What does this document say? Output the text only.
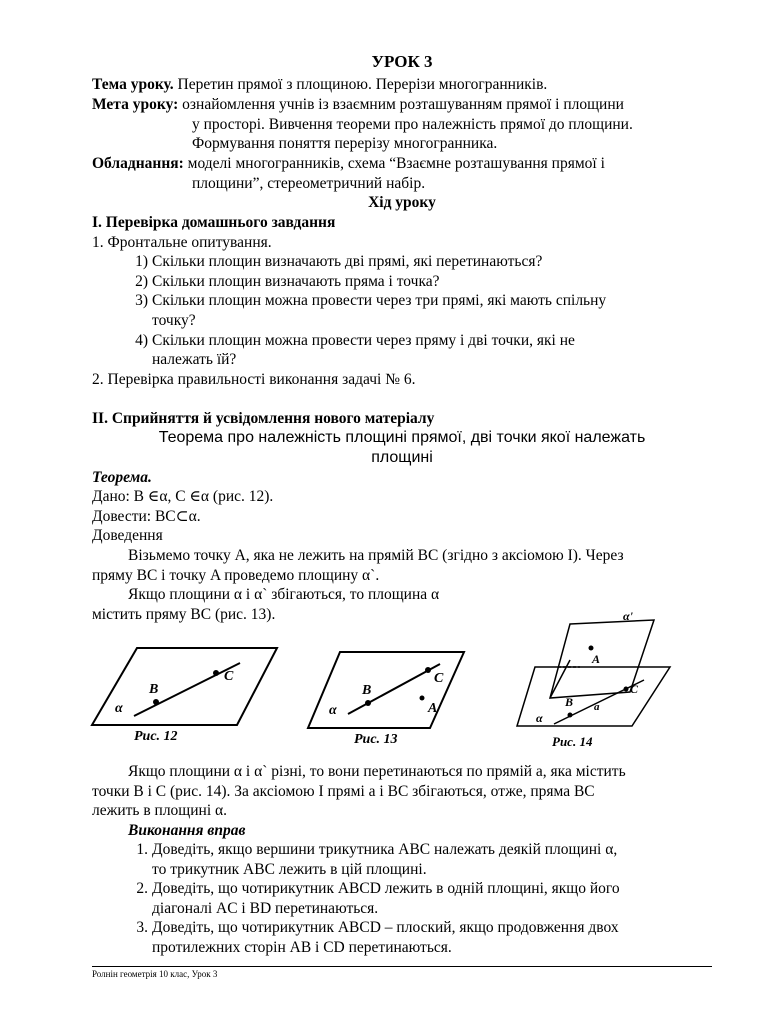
УРОК 3
Тема уроку. Перетин прямої з площиною. Перерізи многогранників.
Мета уроку: ознайомлення учнів із взаємним розташуванням прямої і площини
у просторі. Вивчення теореми про належність прямої до площини.
Формування поняття перерізу многогранника.
Обладнання: моделі многогранників, схема “Взаємне розташування прямої і
площини”, стереометричний набір.
Хід уроку
I. Перевірка домашнього завдання
1. Фронтальне опитування.
1) Скільки площин визначають дві прямі, які перетинаються?
2) Скільки площин визначають пряма і точка?
3) Скільки площин можна провести через три прямі, які мають спільну
точку?
4) Скільки площин можна провести через пряму і дві точки, які не
належать їй?
2. Перевірка правильності виконання задачі № 6.
II. Сприйняття й усвідомлення нового матеріалу
Теорема про належність площині прямої, дві точки якої належать
площині
Теорема.
Дано: B ∈α, C ∈α (рис. 12).
Довести: BC⊂α.
Доведення
Візьмемо точку A, яка не лежить на прямій BC (згідно з аксіомою I). Через
пряму BC і точку A проведемо площину α`.
Якщо площини α і α` збігаються, то площина α
містить пряму BC (рис. 13).
Якщо площини α і α` різні, то вони перетинаються по прямій а, яка містить
точки B і C (рис. 14). За аксіомою I прямі а і BC збігаються, отже, пряма BC
лежить в площині α.
Виконання вправ
1. Доведіть, якщо вершини трикутника ABC належать деякій площині α,
то трикутник ABC лежить в цій площині.
2. Доведіть, що чотирикутник ABCD лежить в одній площині, якщо його
діагоналі AC і BD перетинаються.
3. Доведіть, що чотирикутник ABCD – плоский, якщо продовження двох
протилежних сторін AB і CD перетинаються.
α
B
C
Рис. 12
α
B
C
A
Рис. 13
α'
α
A
B
C
a
Рис. 14
Ролнін геометрія 10 клас, Урок 3
